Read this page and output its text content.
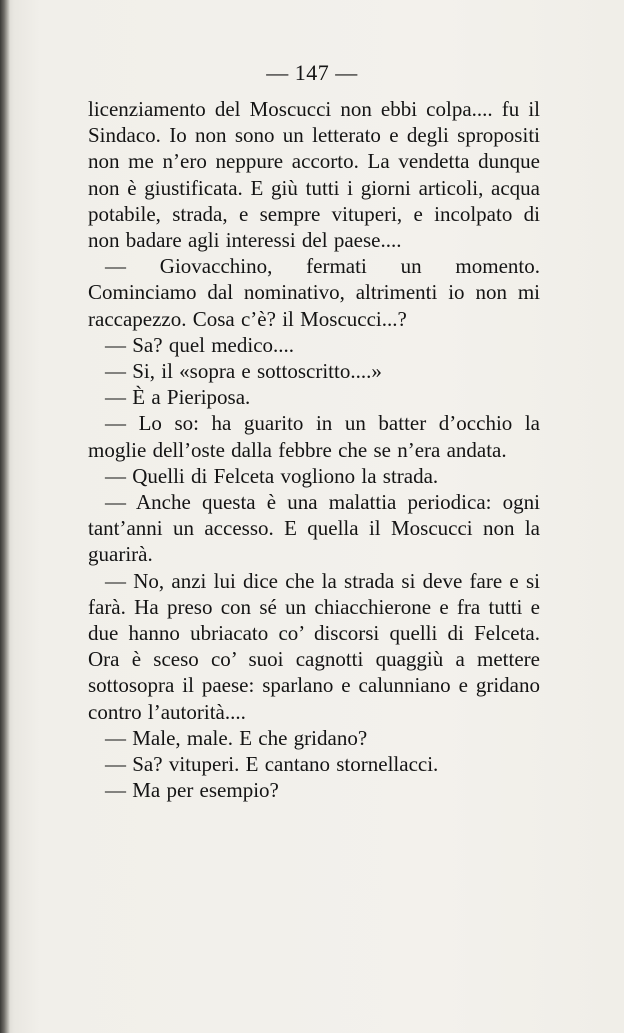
— 147 —

licenziamento del Moscucci non ebbi colpa.... fu il Sindaco. Io non sono un letterato e degli spropositi non me n’ero neppure accorto. La vendetta dunque non è giustificata. E giù tutti i giorni articoli, acqua potabile, strada, e sempre vituperi, e incolpato di non badare agli interessi del paese....

— Giovacchino, fermati un momento. Cominciamo dal nominativo, altrimenti io non mi raccapezzo. Cosa c’è? il Moscucci...?

— Sa? quel medico....

— Si, il «sopra e sottoscritto....»

— È a Pieriposa.

— Lo so: ha guarito in un batter d’occhio la moglie dell’oste dalla febbre che se n’era andata.

— Quelli di Felceta vogliono la strada.

— Anche questa è una malattia periodica: ogni tant’anni un accesso. E quella il Moscucci non la guarirà.

— No, anzi lui dice che la strada si deve fare e si farà. Ha preso con sé un chiacchierone e fra tutti e due hanno ubriacato co’ discorsi quelli di Felceta. Ora è sceso co’ suoi cagnotti quaggiù a mettere sottosopra il paese: sparlano e calunniano e gridano contro l’autorità....

— Male, male. E che gridano?

— Sa? vituperi. E cantano stornellacci.

— Ma per esempio?
